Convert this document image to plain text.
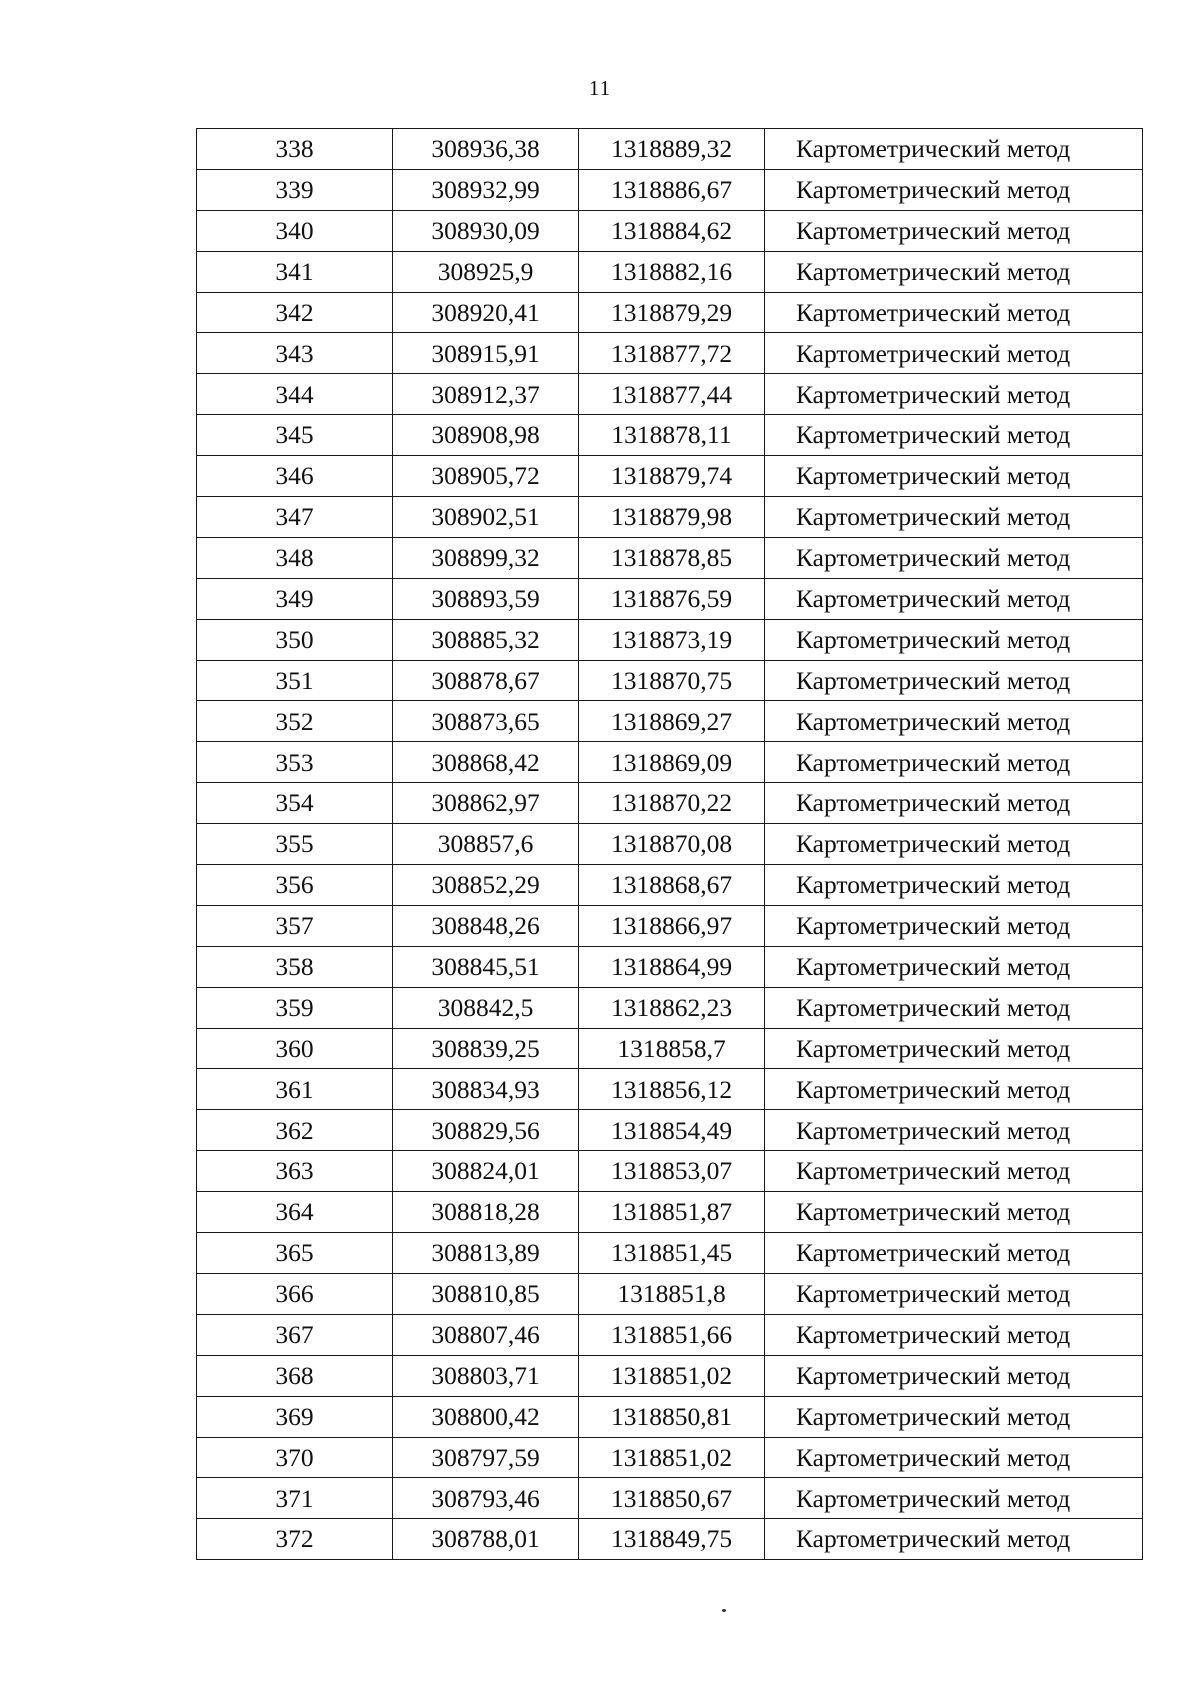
11
338	308936,38	1318889,32	Картометрический метод
339	308932,99	1318886,67	Картометрический метод
340	308930,09	1318884,62	Картометрический метод
341	308925,9	1318882,16	Картометрический метод
342	308920,41	1318879,29	Картометрический метод
343	308915,91	1318877,72	Картометрический метод
344	308912,37	1318877,44	Картометрический метод
345	308908,98	1318878,11	Картометрический метод
346	308905,72	1318879,74	Картометрический метод
347	308902,51	1318879,98	Картометрический метод
348	308899,32	1318878,85	Картометрический метод
349	308893,59	1318876,59	Картометрический метод
350	308885,32	1318873,19	Картометрический метод
351	308878,67	1318870,75	Картометрический метод
352	308873,65	1318869,27	Картометрический метод
353	308868,42	1318869,09	Картометрический метод
354	308862,97	1318870,22	Картометрический метод
355	308857,6	1318870,08	Картометрический метод
356	308852,29	1318868,67	Картометрический метод
357	308848,26	1318866,97	Картометрический метод
358	308845,51	1318864,99	Картометрический метод
359	308842,5	1318862,23	Картометрический метод
360	308839,25	1318858,7	Картометрический метод
361	308834,93	1318856,12	Картометрический метод
362	308829,56	1318854,49	Картометрический метод
363	308824,01	1318853,07	Картометрический метод
364	308818,28	1318851,87	Картометрический метод
365	308813,89	1318851,45	Картометрический метод
366	308810,85	1318851,8	Картометрический метод
367	308807,46	1318851,66	Картометрический метод
368	308803,71	1318851,02	Картометрический метод
369	308800,42	1318850,81	Картометрический метод
370	308797,59	1318851,02	Картометрический метод
371	308793,46	1318850,67	Картометрический метод
372	308788,01	1318849,75	Картометрический метод
